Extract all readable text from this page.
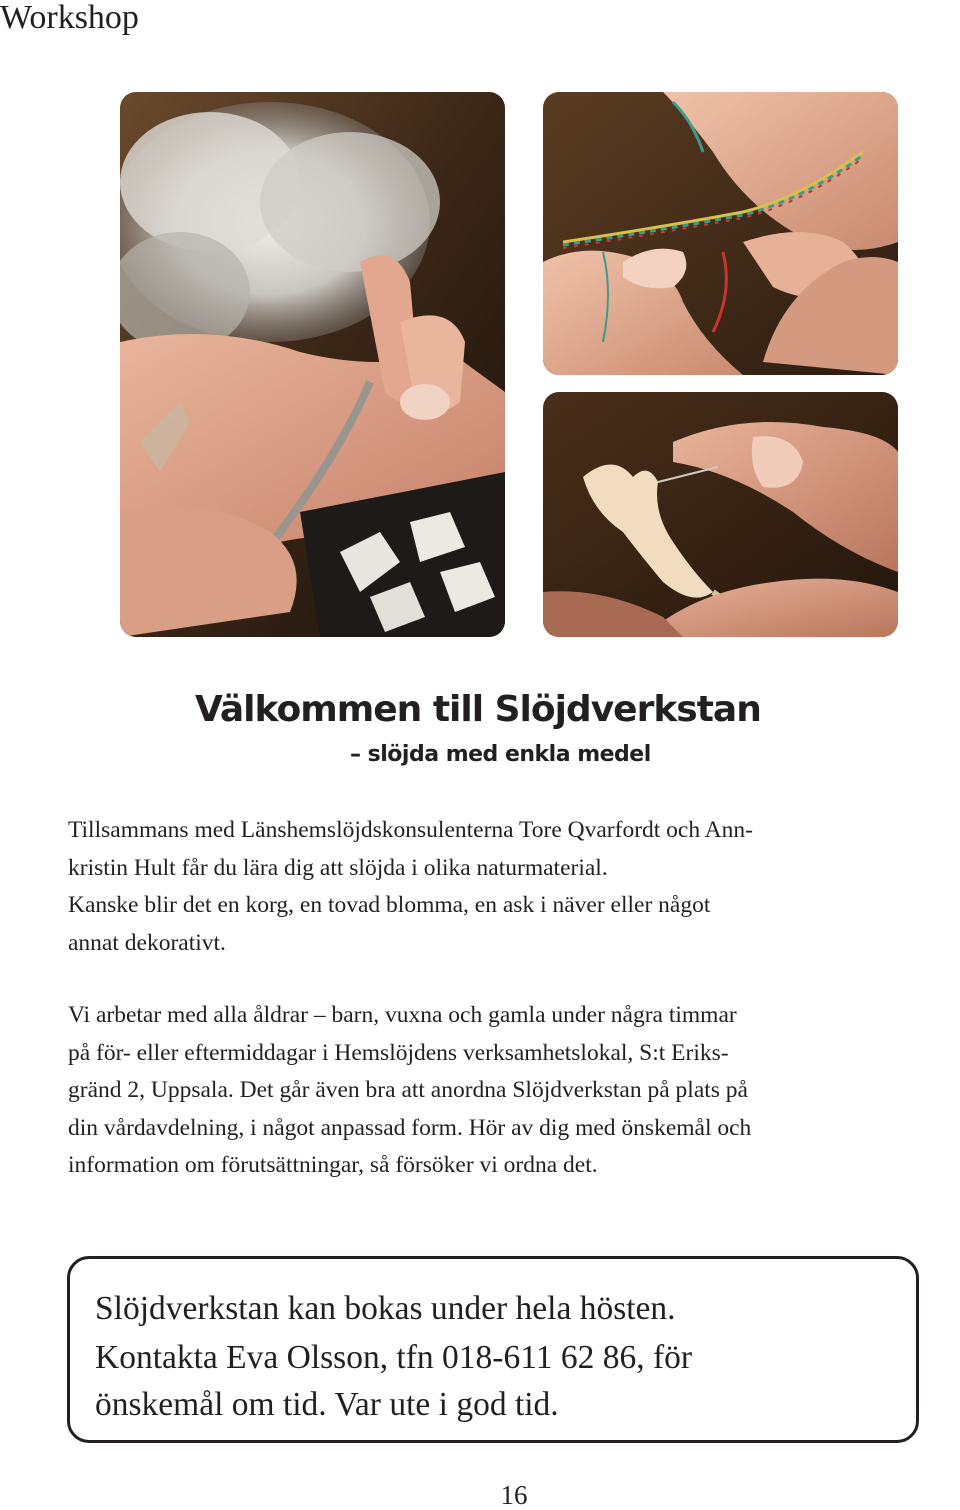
Workshop
Välkommen till Slöjdverkstan
– slöjda med enkla medel
Tillsammans med Länshemslöjdskonsulenterna Tore Qvarfordt och Ann-
kristin Hult får du lära dig att slöjda i olika naturmaterial.
Kanske blir det en korg, en tovad blomma, en ask i näver eller något
annat dekorativt.
Vi arbetar med alla åldrar – barn, vuxna och gamla under några timmar
på för- eller eftermiddagar i Hemslöjdens verksamhetslokal, S:t Eriks-
gränd 2, Uppsala. Det går även bra att anordna Slöjdverkstan på plats på
din vårdavdelning, i något anpassad form. Hör av dig med önskemål och
information om förutsättningar, så försöker vi ordna det.
Slöjdverkstan kan bokas under hela hösten.
Kontakta Eva Olsson, tfn 018-611 62 86, för
önskemål om tid. Var ute i god tid.
16
